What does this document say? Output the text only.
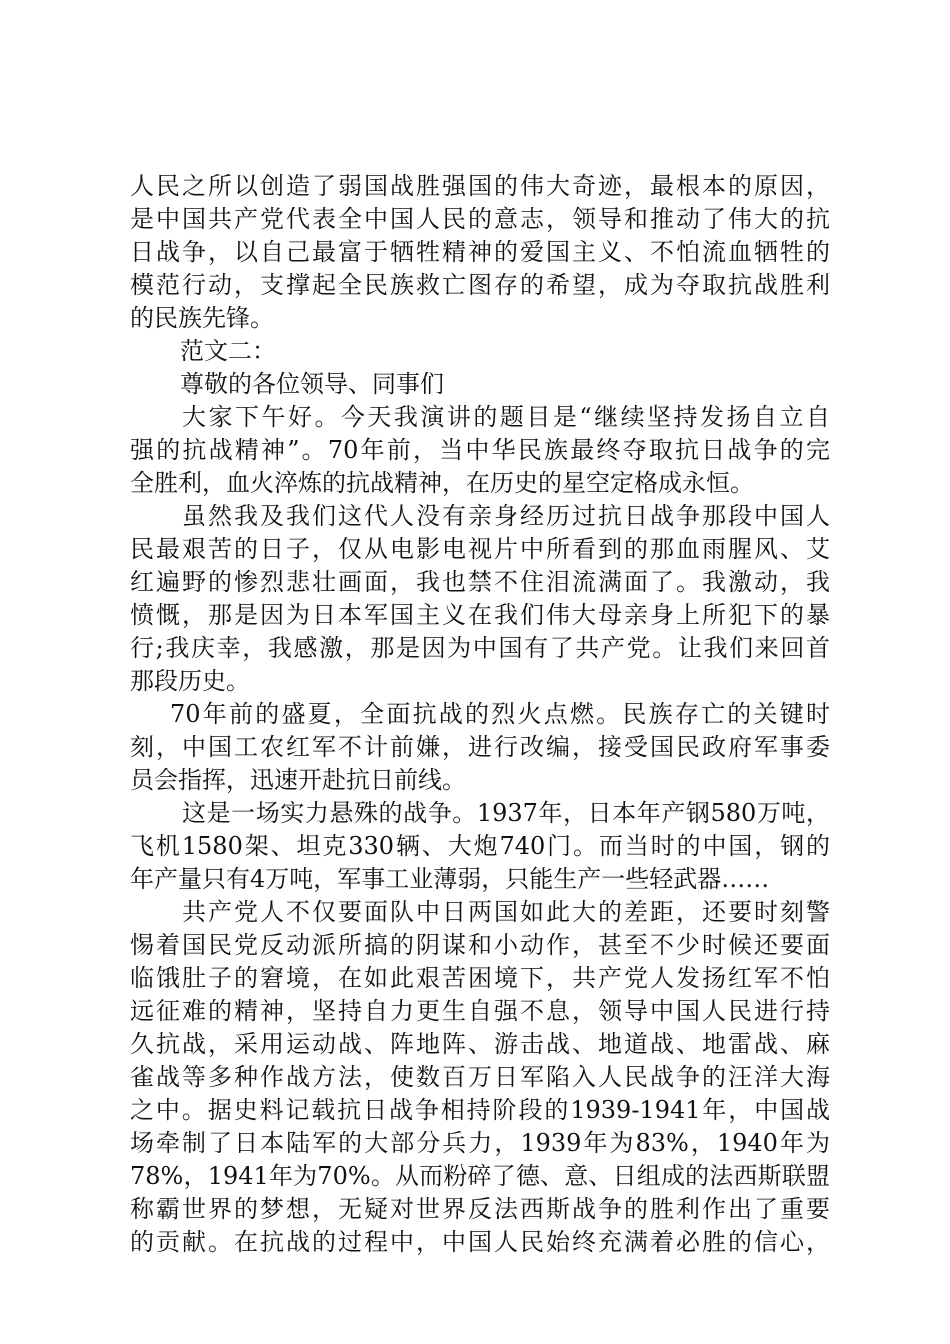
人民之所以创造了弱国战胜强国的伟大奇迹，最根本的原因，
是中国共产党代表全中国人民的意志，领导和推动了伟大的抗
日战争，以自己最富于牺牲精神的爱国主义、不怕流血牺牲的
模范行动，支撑起全民族救亡图存的希望，成为夺取抗战胜利
的民族先锋。
范文二：
尊敬的各位领导、同事们
大家下午好。今天我演讲的题目是“继续坚持发扬自立自
强的抗战精神”。70年前，当中华民族最终夺取抗日战争的完
全胜利，血火淬炼的抗战精神，在历史的星空定格成永恒。
虽然我及我们这代人没有亲身经历过抗日战争那段中国人
民最艰苦的日子，仅从电影电视片中所看到的那血雨腥风、艾
红遍野的惨烈悲壮画面，我也禁不住泪流满面了。我激动，我
愤慨，那是因为日本军国主义在我们伟大母亲身上所犯下的暴
行;我庆幸，我感激，那是因为中国有了共产党。让我们来回首
那段历史。
70年前的盛夏，全面抗战的烈火点燃。民族存亡的关键时
刻，中国工农红军不计前嫌，进行改编，接受国民政府军事委
员会指挥，迅速开赴抗日前线。
这是一场实力悬殊的战争。1937年，日本年产钢580万吨，
飞机1580架、坦克330辆、大炮740门。而当时的中国，钢的
年产量只有4万吨，军事工业薄弱，只能生产一些轻武器……
共产党人不仅要面队中日两国如此大的差距，还要时刻警
惕着国民党反动派所搞的阴谋和小动作，甚至不少时候还要面
临饿肚子的窘境，在如此艰苦困境下，共产党人发扬红军不怕
远征难的精神，坚持自力更生自强不息，领导中国人民进行持
久抗战，采用运动战、阵地阵、游击战、地道战、地雷战、麻
雀战等多种作战方法，使数百万日军陷入人民战争的汪洋大海
之中。据史料记载抗日战争相持阶段的1939-1941年，中国战
场牵制了日本陆军的大部分兵力，1939年为83%，1940年为
78%，1941年为70%。从而粉碎了德、意、日组成的法西斯联盟
称霸世界的梦想，无疑对世界反法西斯战争的胜利作出了重要
的贡献。在抗战的过程中，中国人民始终充满着必胜的信心，
